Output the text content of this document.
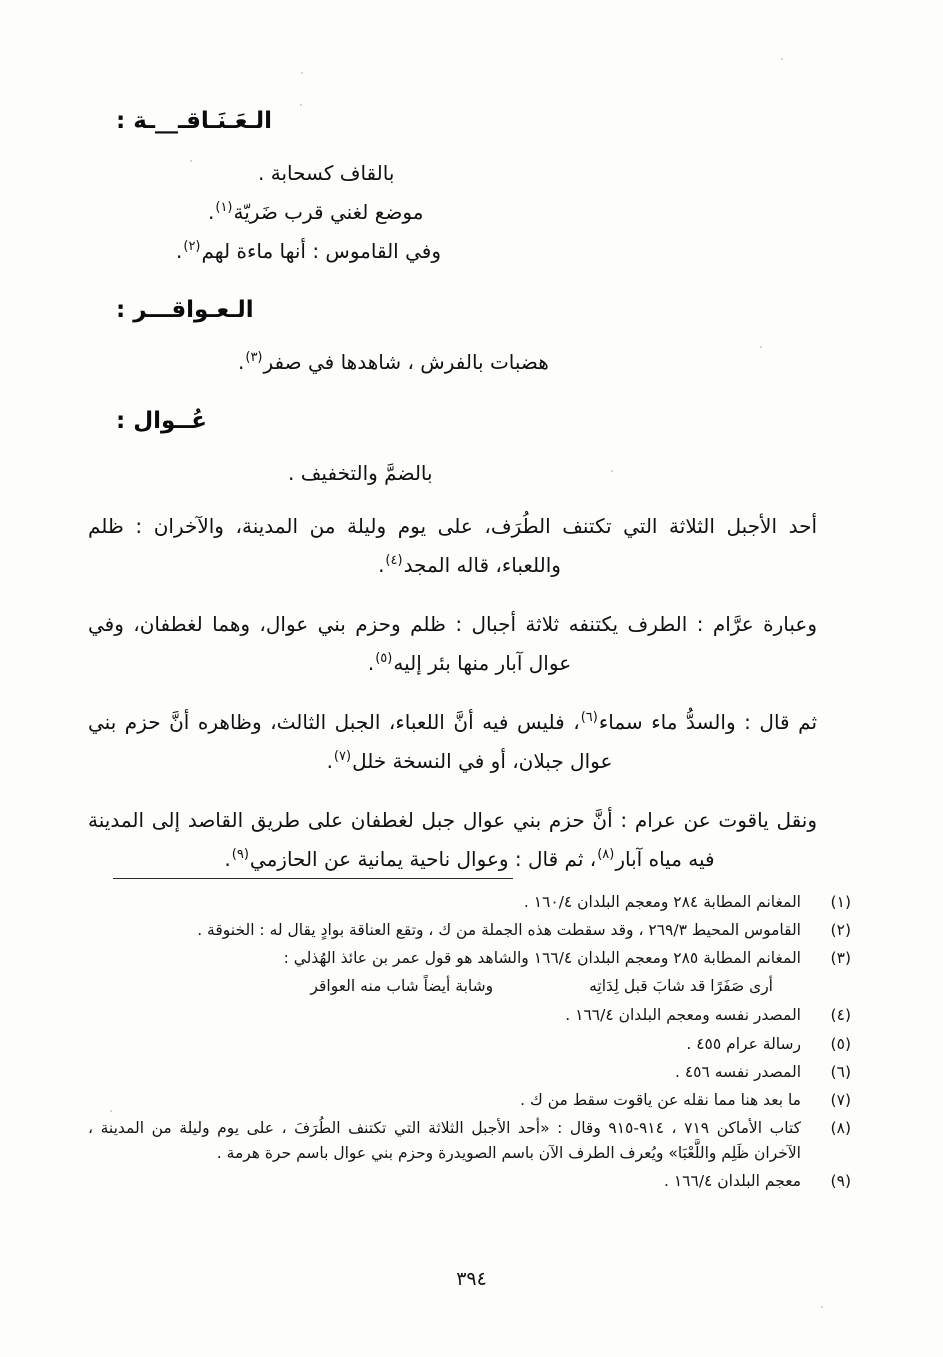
الـعَـنَـاقـ__ـة :

بالقاف كسحابة .

موضع لغني قرب ضَريّة$^{(١)}$.

وفي القاموس : أنها ماءة لهم$^{(٢)}$.

الـعـواقـــر :

هضبات بالفرش ، شاهدها في صفر$^{(٣)}$.

عُــوال :

بالضمَّ والتخفيف .

أحد الأجبل الثلاثة التي تكتنف الطُرَف، على يوم وليلة من المدينة، والآخران : ظلم واللعباء، قاله المجد$^{(٤)}$.

وعبارة عرَّام : الطرف يكتنفه ثلاثة أجبال : ظلم وحزم بني عوال، وهما لغطفان، وفي عوال آبار منها بئر إليه$^{(٥)}$.

ثم قال : والسدُّ ماء سماء$^{(٦)}$، فليس فيه أنَّ اللعباء، الجبل الثالث، وظاهره أنَّ حزم بني عوال جبلان، أو في النسخة خلل$^{(٧)}$.

ونقل ياقوت عن عرام : أنَّ حزم بني عوال جبل لغطفان على طريق القاصد إلى المدينة فيه مياه آبار$^{(٨)}$، ثم قال : وعوال ناحية يمانية عن الحازمي$^{(٩)}$.

(١)
المغانم المطابة ٢٨٤ ومعجم البلدان ١٦٠/٤ .
(٢)
القاموس المحيط ٢٦٩/٣ ، وقد سقطت هذه الجملة من ك ، وتقع العناقة بوادٍ يقال له : الخنوقة .
(٣)
المغانم المطابة ٢٨٥ ومعجم البلدان ١٦٦/٤ والشاهد هو قول عمر بن عائذ الهُذلي :
أرى صَفَرًا قد شابَ قبل لِدَاتِه
وشابة أيضاً شاب منه العواقر
(٤)
المصدر نفسه ومعجم البلدان ١٦٦/٤ .
(٥)
رسالة عرام ٤٥٥ .
(٦)
المصدر نفسه ٤٥٦ .
(٧)
ما بعد هنا مما نقله عن ياقوت سقط من ك .
(٨)
كتاب الأماكن ٧١٩ ، ٩١٤-٩١٥ وقال : «أحد الأجبل الثلاثة التي تكتنف الطُرَفَ ، على يوم وليلة من المدينة ، الآخران ظَلِم واللَّعْبَا» ويُعرف الطرف الآن باسم الصويدرة وحزم بني عوال باسم حرة هرمة .
(٩)
معجم البلدان ١٦٦/٤ .
٣٩٤
